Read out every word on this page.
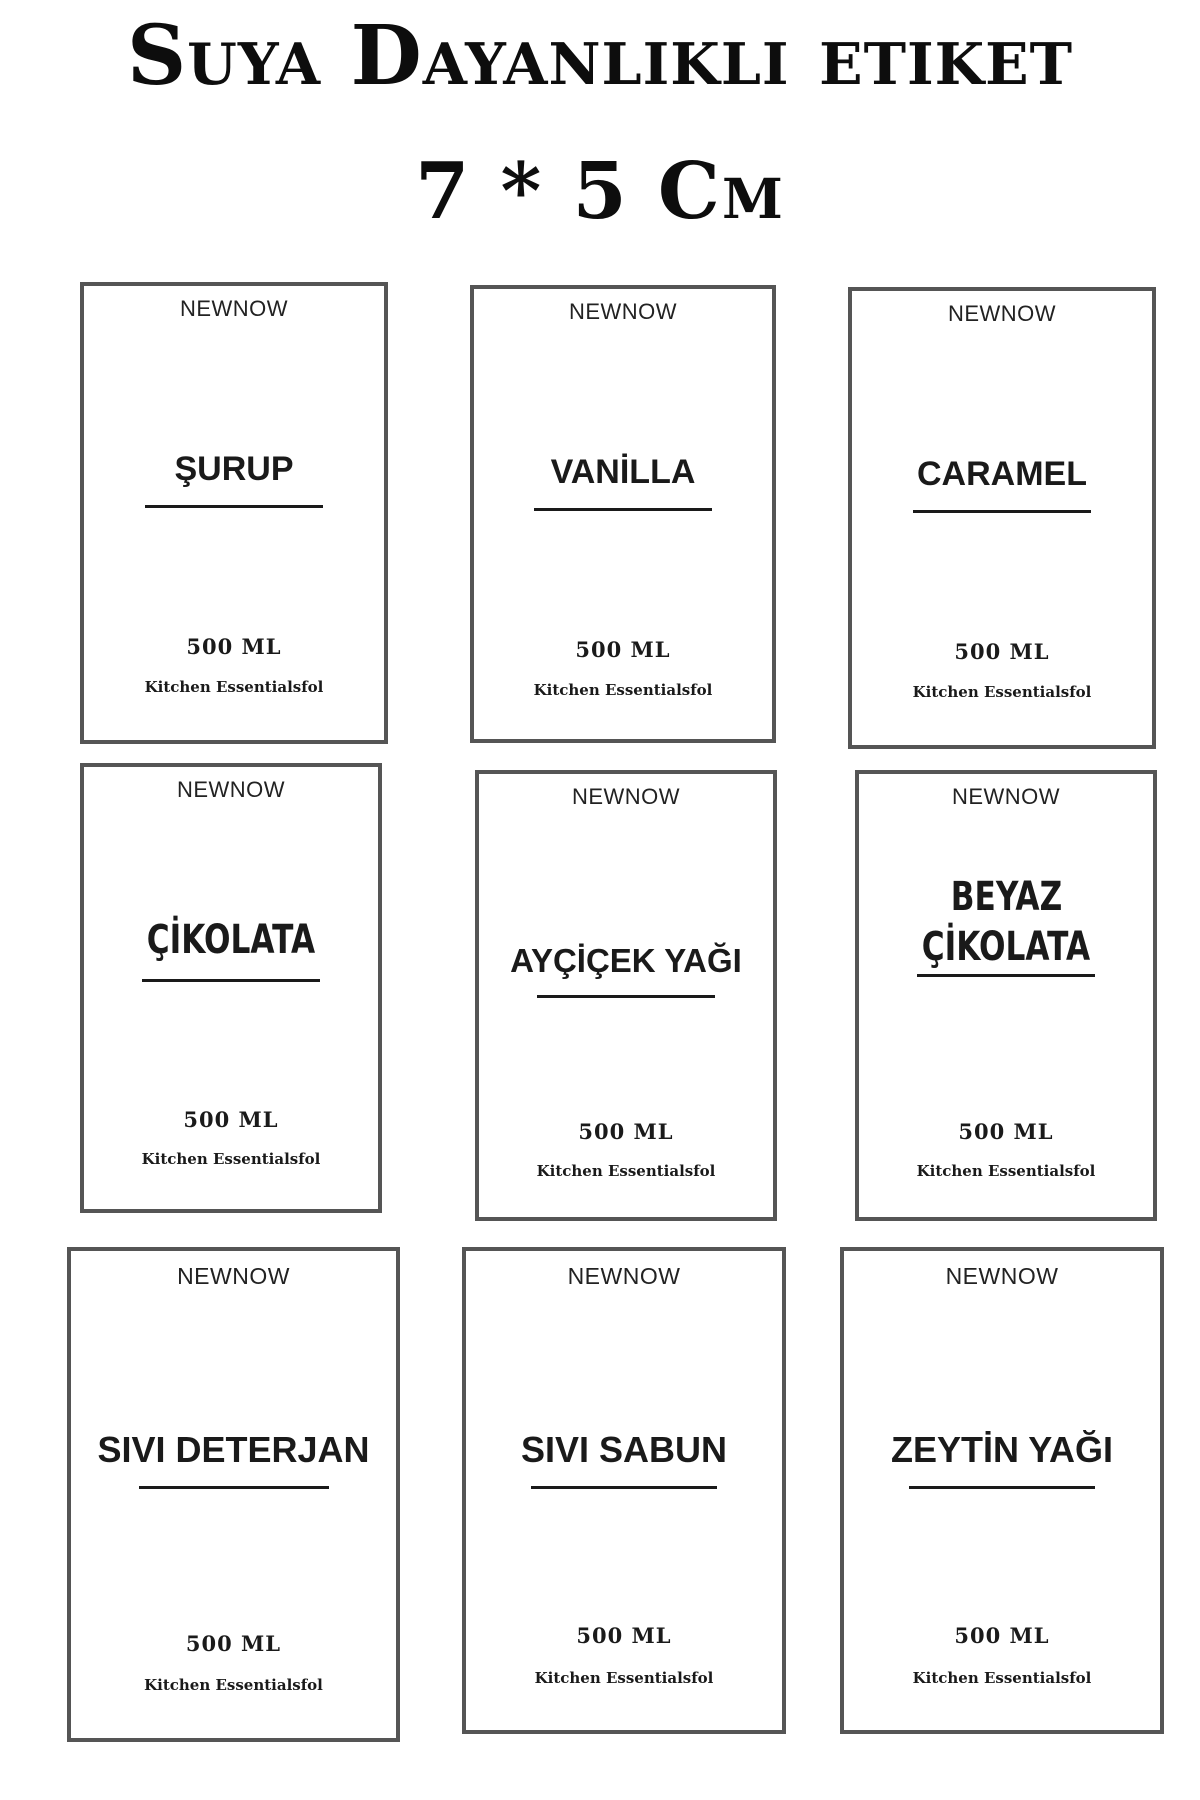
Suya Dayanlıklı etiket
7 * 5 Cm
NEWNOW
ŞURUP
500 ML
Kitchen Essentialsfol
NEWNOW
VANİLLA
500 ML
Kitchen Essentialsfol
NEWNOW
CARAMEL
500 ML
Kitchen Essentialsfol
NEWNOW
ÇİKOLATA
500 ML
Kitchen Essentialsfol
NEWNOW
AYÇİÇEK YAĞI
500 ML
Kitchen Essentialsfol
NEWNOW
BEYAZ
ÇİKOLATA
500 ML
Kitchen Essentialsfol
NEWNOW
SIVI DETERJAN
500 ML
Kitchen Essentialsfol
NEWNOW
SIVI SABUN
500 ML
Kitchen Essentialsfol
NEWNOW
ZEYTİN YAĞI
500 ML
Kitchen Essentialsfol
